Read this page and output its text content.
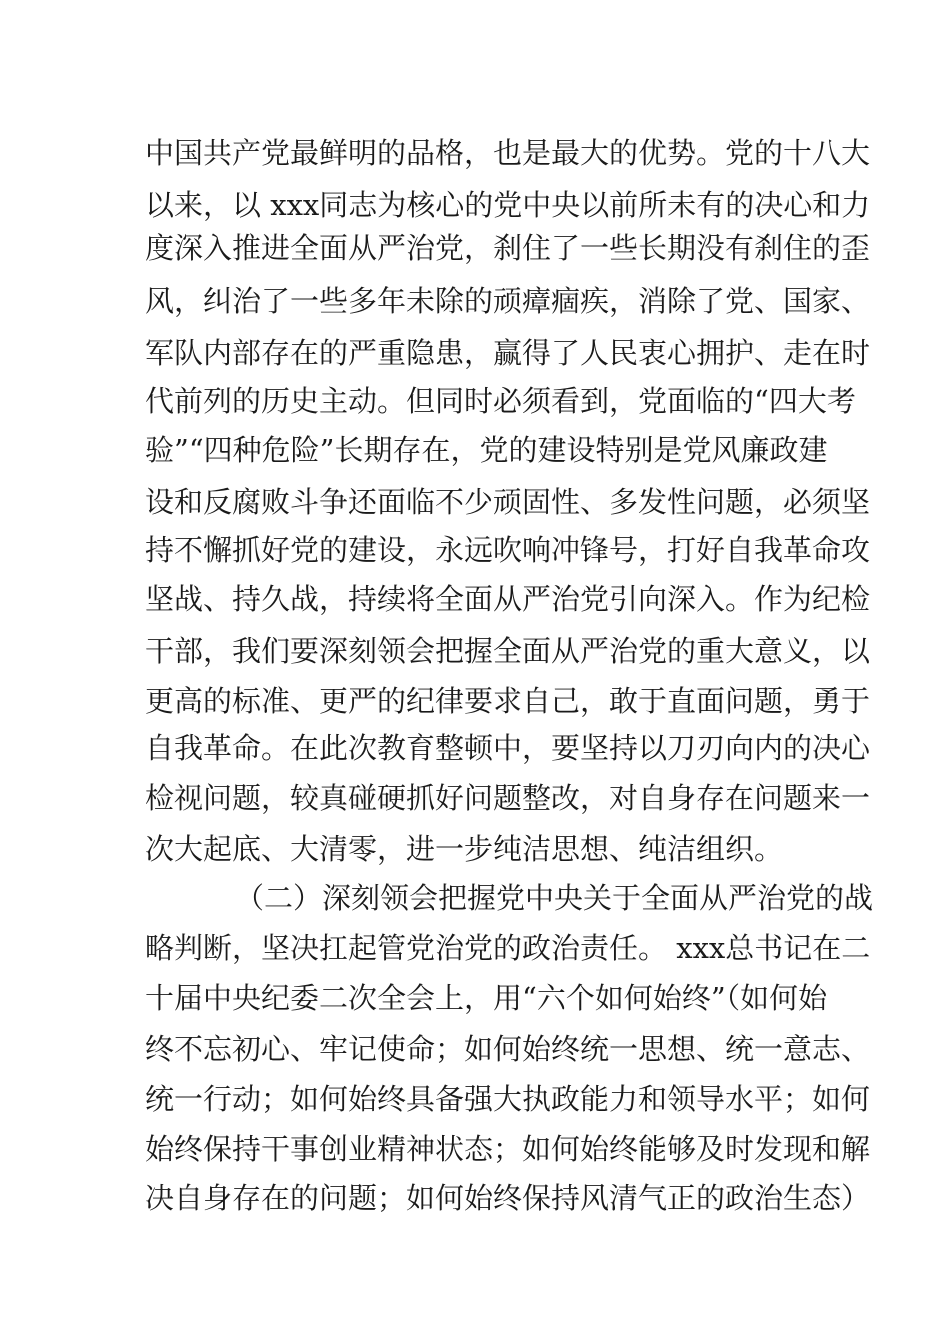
中国共产党最鲜明的品格，也是最大的优势。党的十八大
以来，以 xxx同志为核心的党中央以前所未有的决心和力
度深入推进全面从严治党，刹住了一些长期没有刹住的歪
风，纠治了一些多年未除的顽瘴痼疾，消除了党、国家、
军队内部存在的严重隐患，赢得了人民衷心拥护、走在时
代前列的历史主动。但同时必须看到，党面临的“四大考
验”“四种危险”长期存在，党的建设特别是党风廉政建
设和反腐败斗争还面临不少顽固性、多发性问题，必须坚
持不懈抓好党的建设，永远吹响冲锋号，打好自我革命攻
坚战、持久战，持续将全面从严治党引向深入。作为纪检
干部，我们要深刻领会把握全面从严治党的重大意义，以
更高的标准、更严的纪律要求自己，敢于直面问题，勇于
自我革命。在此次教育整顿中，要坚持以刀刃向内的决心
检视问题，较真碰硬抓好问题整改，对自身存在问题来一
次大起底、大清零，进一步纯洁思想、纯洁组织。
（二）深刻领会把握党中央关于全面从严治党的战
略判断，坚决扛起管党治党的政治责任。 xxx总书记在二
十届中央纪委二次全会上，用“六个如何始终”（如何始
终不忘初心、牢记使命；如何始终统一思想、统一意志、
统一行动；如何始终具备强大执政能力和领导水平；如何
始终保持干事创业精神状态；如何始终能够及时发现和解
决自身存在的问题；如何始终保持风清气正的政治生态）
